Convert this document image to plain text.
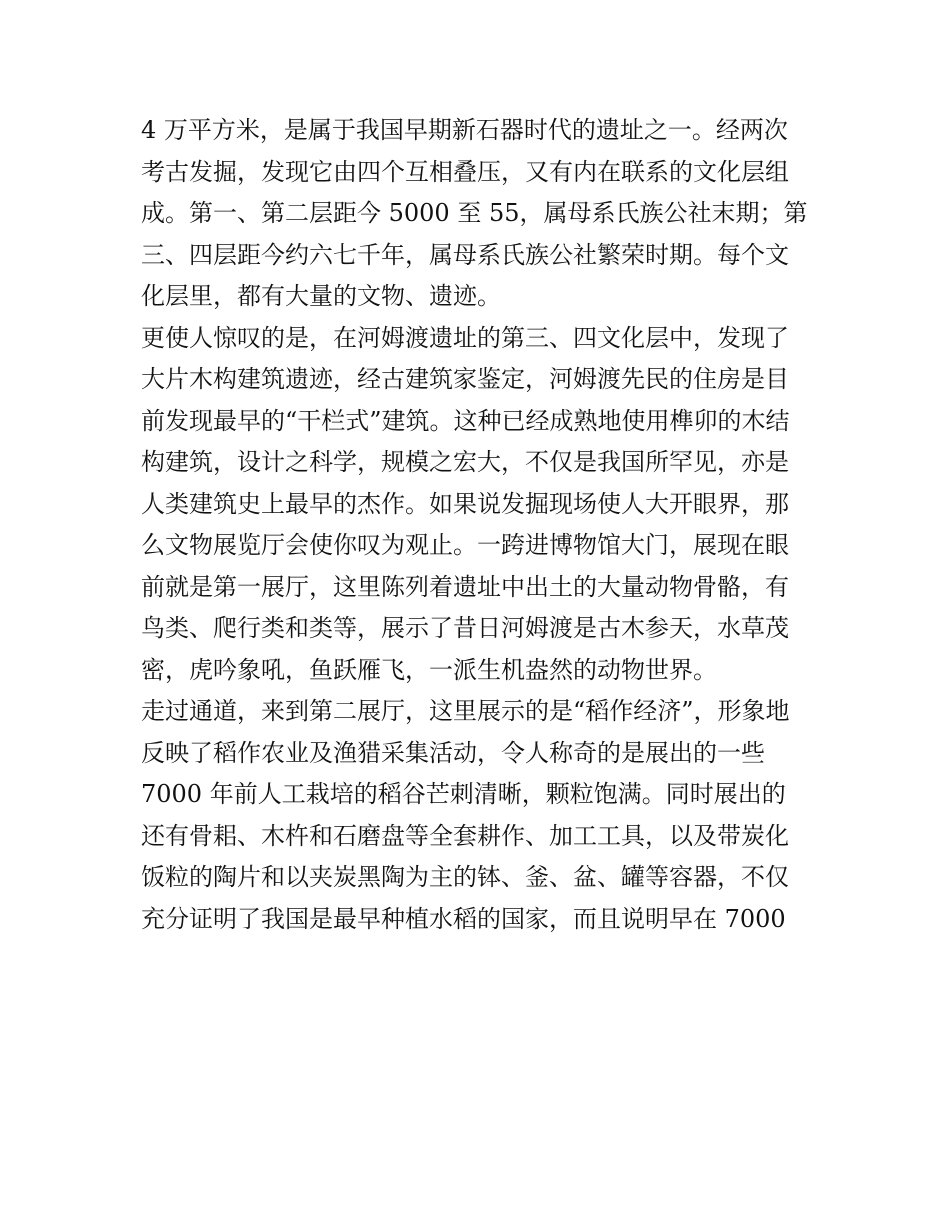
4 万平方米，是属于我国早期新石器时代的遗址之一。经两次
考古发掘，发现它由四个互相叠压，又有内在联系的文化层组
成。第一、第二层距今 5000 至 55，属母系氏族公社末期；第
三、四层距今约六七千年，属母系氏族公社繁荣时期。每个文
化层里，都有大量的文物、遗迹。
更使人惊叹的是，在河姆渡遗址的第三、四文化层中，发现了
大片木构建筑遗迹，经古建筑家鉴定，河姆渡先民的住房是目
前发现最早的“干栏式”建筑。这种已经成熟地使用榫卯的木结
构建筑，设计之科学，规模之宏大，不仅是我国所罕见，亦是
人类建筑史上最早的杰作。如果说发掘现场使人大开眼界，那
么文物展览厅会使你叹为观止。一跨进博物馆大门，展现在眼
前就是第一展厅，这里陈列着遗址中出土的大量动物骨骼，有
鸟类、爬行类和类等，展示了昔日河姆渡是古木参天，水草茂
密，虎吟象吼，鱼跃雁飞，一派生机盎然的动物世界。
走过通道，来到第二展厅，这里展示的是“稻作经济”，形象地
反映了稻作农业及渔猎采集活动，令人称奇的是展出的一些
7000 年前人工栽培的稻谷芒刺清晰，颗粒饱满。同时展出的
还有骨耜、木杵和石磨盘等全套耕作、加工工具，以及带炭化
饭粒的陶片和以夹炭黑陶为主的钵、釜、盆、罐等容器，不仅
充分证明了我国是最早种植水稻的国家，而且说明早在 7000
